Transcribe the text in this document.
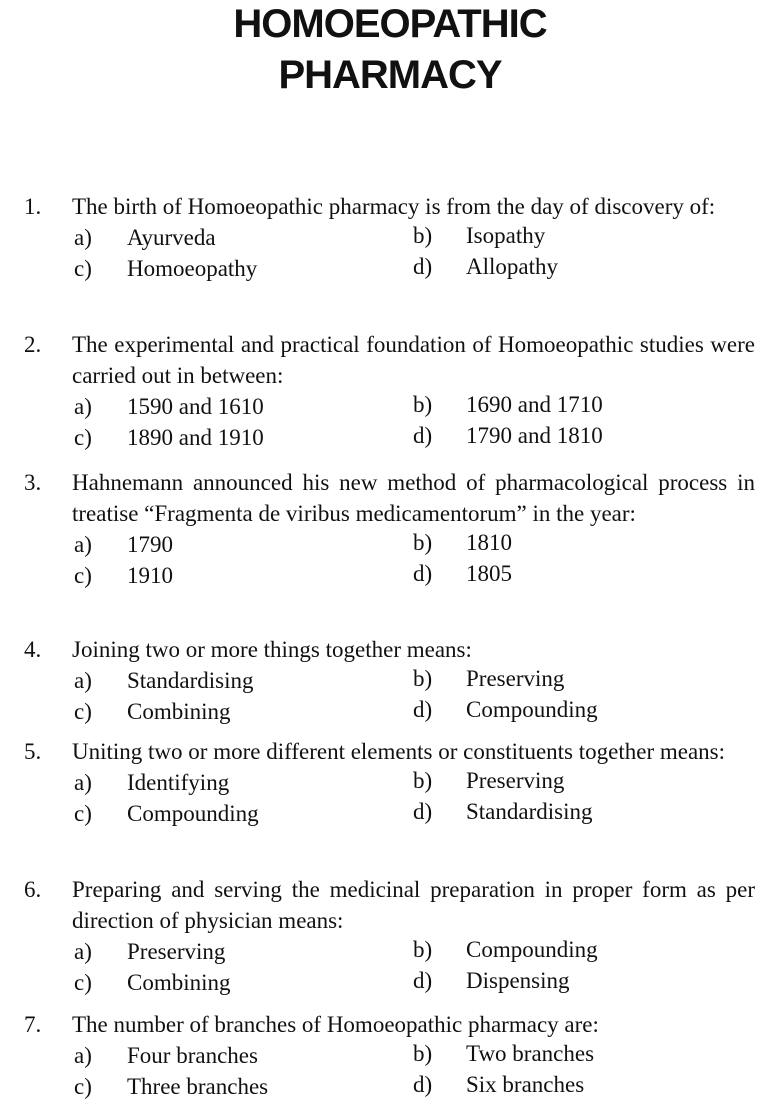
HOMOEOPATHIC
PHARMACY
1. The birth of Homoeopathic pharmacy is from the day of discovery of:
a) Ayurveda	b) Isopathy
c) Homoeopathy	d) Allopathy
2. The experimental and practical foundation of Homoeopathic studies were carried out in between:
a) 1590 and 1610	b) 1690 and 1710
c) 1890 and 1910	d) 1790 and 1810
3. Hahnemann announced his new method of pharmacological process in treatise “Fragmenta de viribus medicamentorum” in the year:
a) 1790	b) 1810
c) 1910	d) 1805
4. Joining two or more things together means:
a) Standardising	b) Preserving
c) Combining	d) Compounding
5. Uniting two or more different elements or constituents together means:
a) Identifying	b) Preserving
c) Compounding	d) Standardising
6. Preparing and serving the medicinal preparation in proper form as per direction of physician means:
a) Preserving	b) Compounding
c) Combining	d) Dispensing
7. The number of branches of Homoeopathic pharmacy are:
a) Four branches	b) Two branches
c) Three branches	d) Six branches
